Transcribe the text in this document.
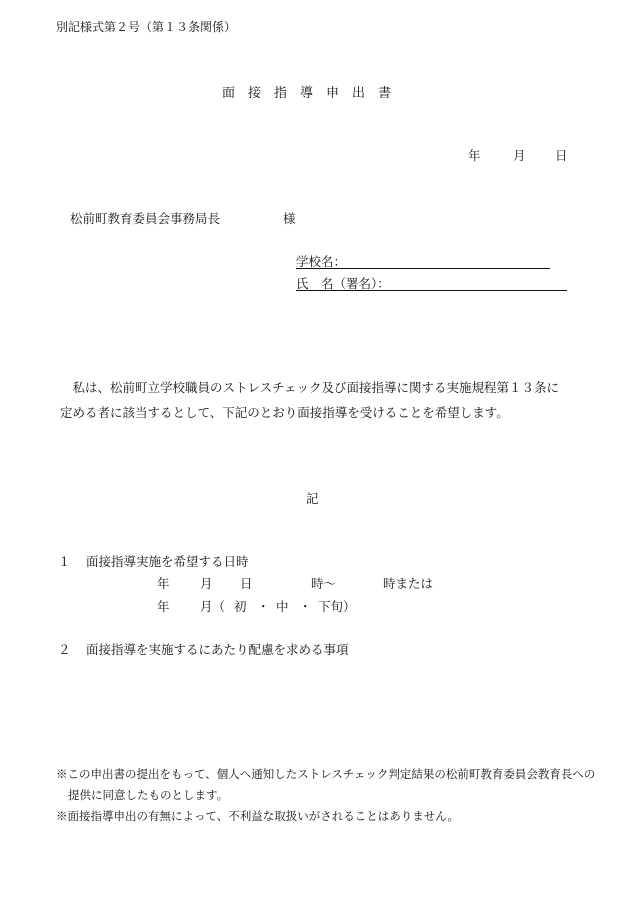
別記様式第２号（第１３条関係）
面接指導申出書
年	月 日
松前町教育委員会事務局長	様
学校名：
氏　名（署名）：
　私は、松前町立学校職員のストレスチェック及び面接指導に関する実施規程第１３条に定める者に該当するとして、下記のとおり面接指導を受けることを希望します。
記
１ 面接指導実施を希望する日時
年 月 日	時～	時または
年 月（ 初 ・ 中 ・ 下旬）
２ 面接指導を実施するにあたり配慮を求める事項
※この申出書の提出をもって、個人へ通知したストレスチェック判定結果の松前町教育委員会教育長への提供に同意したものとします。
※面接指導申出の有無によって、不利益な取扱いがされることはありません。
